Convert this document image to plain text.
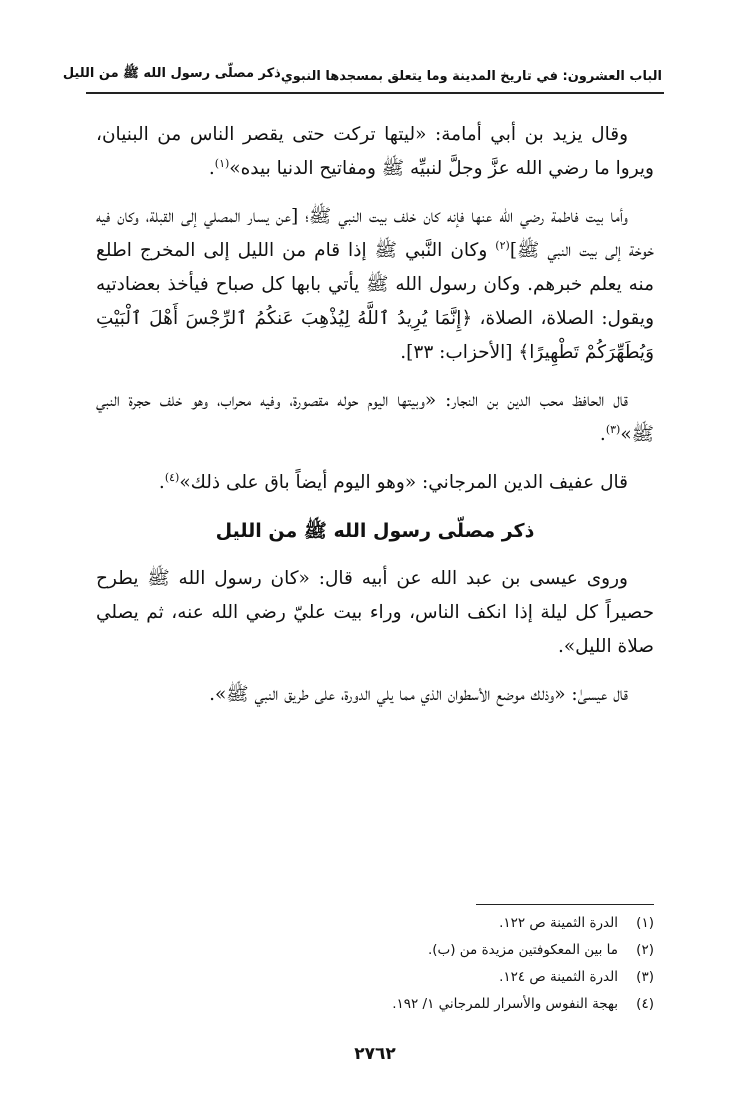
الباب العشرون: في تاريخ المدينة وما يتعلق بمسجدها النبوي
ذكر مصلّى رسول الله ﷺ من الليل

وقال يزيد بن أبي أمامة: «ليتها تركت حتى يقصر الناس من البنيان، ويروا ما رضي الله عزَّ وجلَّ لنبيِّه ﷺ ومفاتيح الدنيا بيده»$^{(١)}$.

وأما بيت فاطمة رضي الله عنها فإنه كان خلف بيت النبي ﷺ؛ [عن يسار المصلي إلى القبلة، وكان فيه خوخة إلى بيت النبي ﷺ]$^{(٢)}$ وكان النَّبي ﷺ إذا قام من الليل إلى المخرج اطلع منه يعلم خبرهم. وكان رسول الله ﷺ يأتي بابها كل صباح فيأخذ بعضادتيه ويقول: الصلاة، الصلاة، ﴿إِنَّمَا يُرِيدُ ٱللَّهُ لِيُذْهِبَ عَنكُمُ ٱلرِّجْسَ أَهْلَ ٱلْبَيْتِ وَيُطَهِّرَكُمْ تَطْهِيرًا﴾ [الأحزاب: ٣٣].

قال الحافظ محب الدين بن النجار: «وبيتها اليوم حوله مقصورة، وفيه محراب، وهو خلف حجرة النبي ﷺ»$^{(٣)}$.

قال عفيف الدين المرجاني: «وهو اليوم أيضاً باق على ذلك»$^{(٤)}$.

ذكر مصلّى رسول الله ﷺ من الليل

وروى عيسى بن عبد الله عن أبيه قال: «كان رسول الله ﷺ يطرح حصيراً كل ليلة إذا انكف الناس، وراء بيت عليّ رضي الله عنه، ثم يصلي صلاة الليل».

قال عيسىٰ: «وذلك موضع الأسطوان الذي مما يلي الدورة، على طريق النبي ﷺ».

(١)
الدرة الثمينة ص ١٢٢.
(٢)
ما بين المعكوفتين مزيدة من (ب).
(٣)
الدرة الثمينة ص ١٢٤.
(٤)
بهجة النفوس والأسرار للمرجاني ١/ ١٩٢.
٢٧٦٢
